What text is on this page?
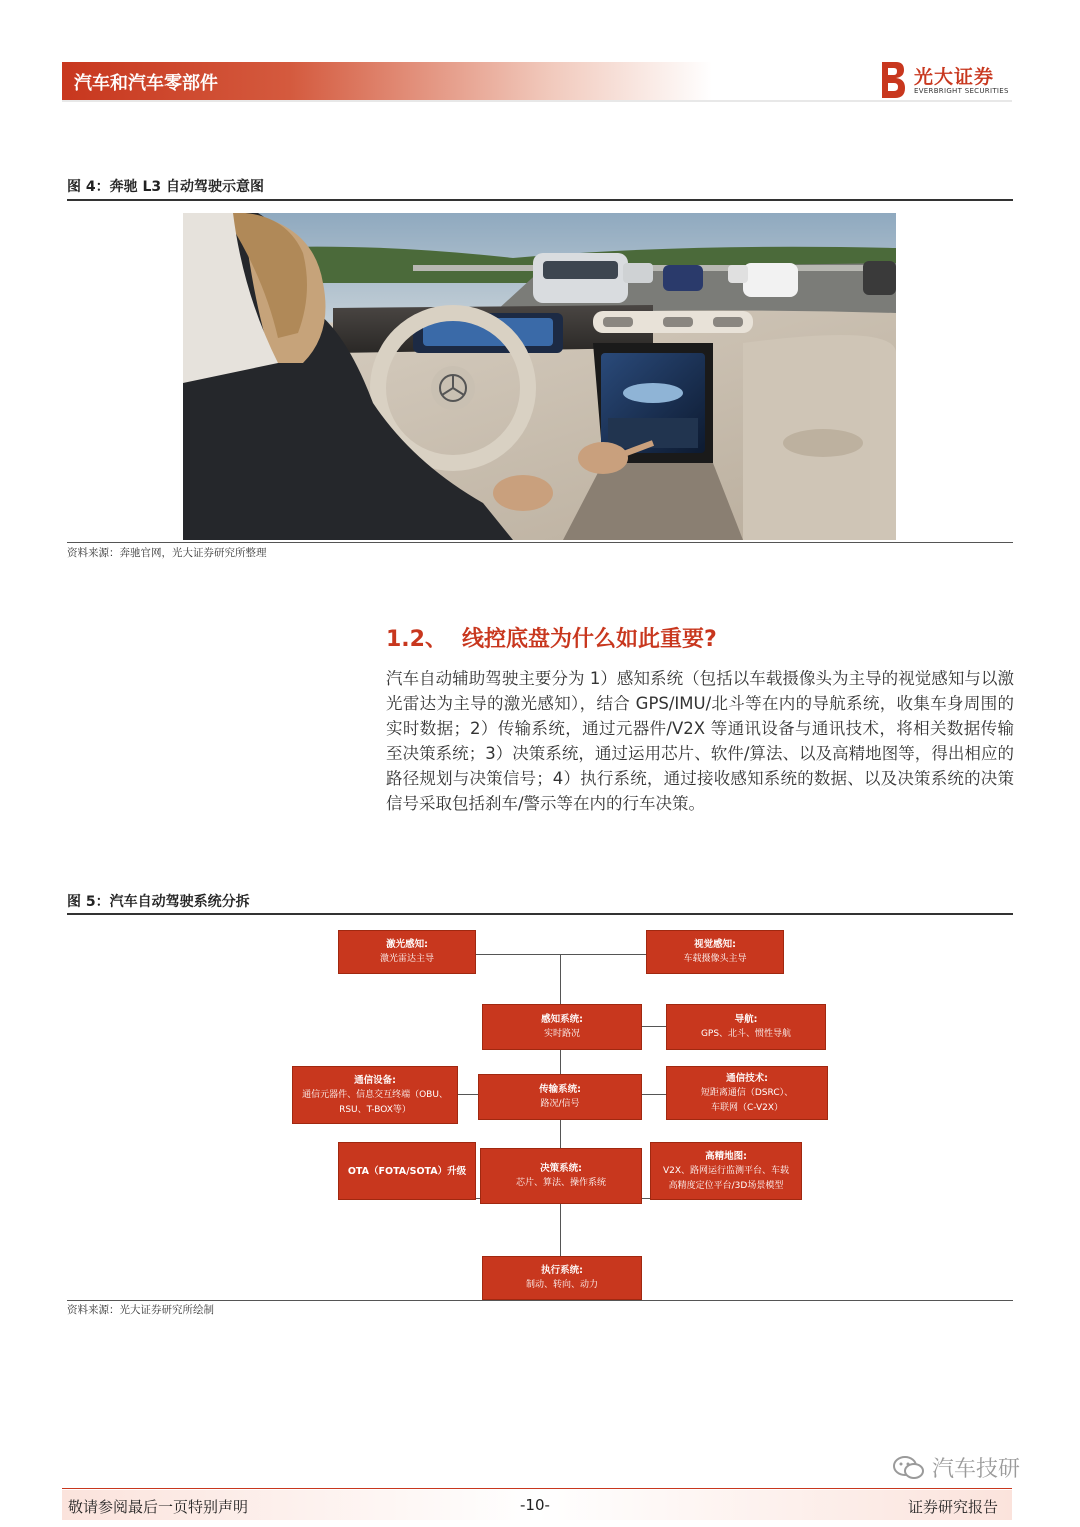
汽车和汽车零部件	光大证券
EVERBRIGHT SECURITIES
图 4：奔驰 L3 自动驾驶示意图
资料来源：奔驰官网，光大证券研究所整理
1.2、 线控底盘为什么如此重要?
汽车自动辅助驾驶主要分为 1）感知系统（包括以车载摄像头为主导的视觉感知与以激光雷达为主导的激光感知），结合 GPS/IMU/北斗等在内的导航系统，收集车身周围的实时数据；2）传输系统，通过元器件/V2X 等通讯设备与通讯技术，将相关数据传输至决策系统；3）决策系统，通过运用芯片、软件/算法、以及高精地图等，得出相应的路径规划与决策信号；4）执行系统，通过接收感知系统的数据、以及决策系统的决策信号采取包括刹车/警示等在内的行车决策。
图 5：汽车自动驾驶系统分拆
激光感知:
激光雷达主导
视觉感知:
车载摄像头主导
感知系统:
实时路况
导航:
GPS、北斗、惯性导航
通信设备:
通信元器件、信息交互终端（OBU、
RSU、T-BOX等）
传输系统:
路况/信号
通信技术:
短距离通信（DSRC）、
车联网（C-V2X）
OTA（FOTA/SOTA）升级	决策系统:
芯片、算法、操作系统
高精地图:
V2X、路网运行监测平台、车载
高精度定位平台/3D场景模型
执行系统:
制动、转向、动力
资料来源：光大证券研究所绘制
汽车技研
敬请参阅最后一页特别声明	-10-	证券研究报告
